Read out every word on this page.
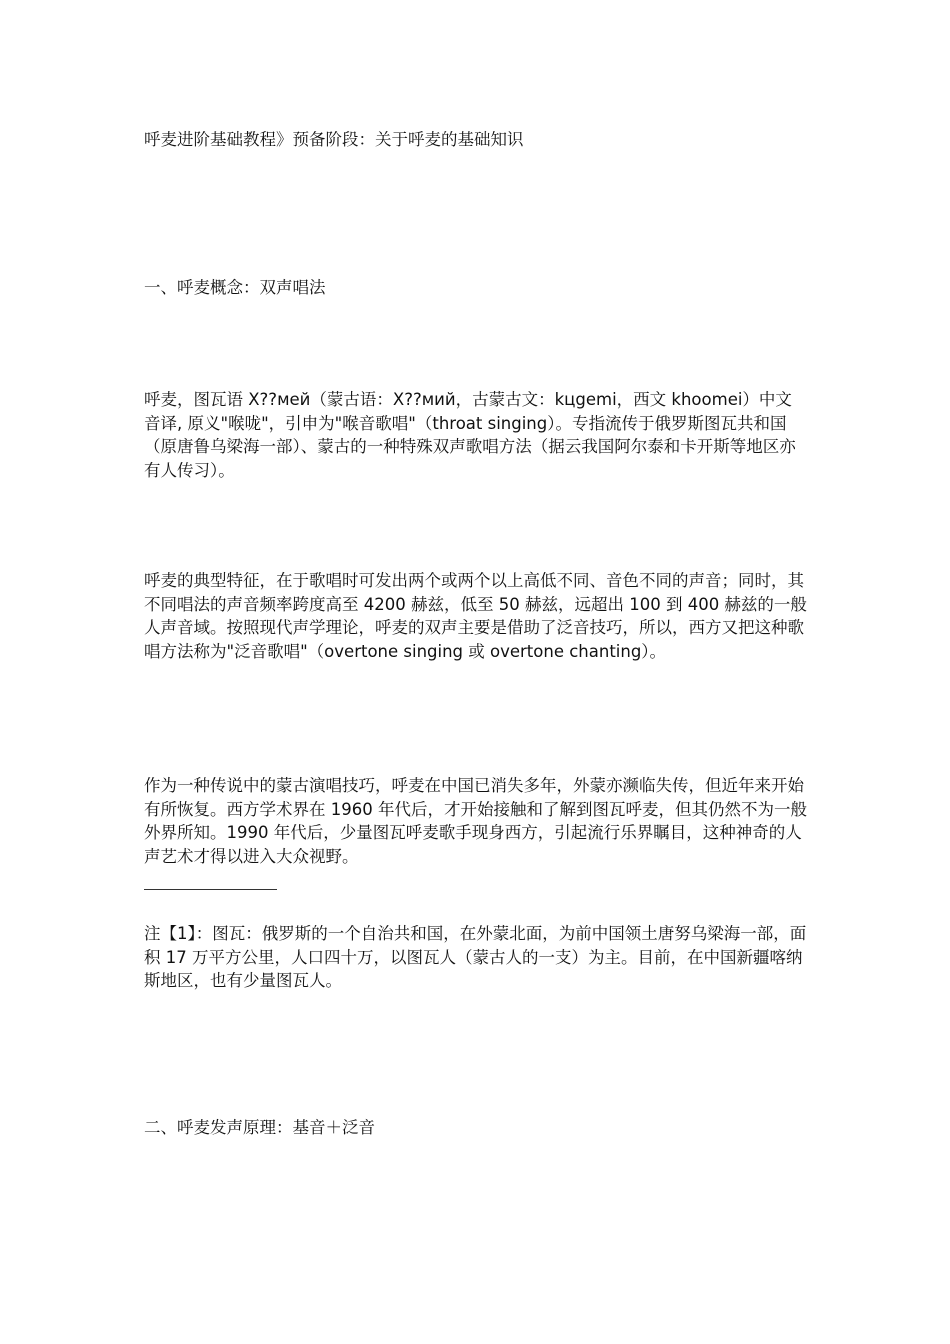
呼麦进阶基础教程》预备阶段：关于呼麦的基础知识

一、呼麦概念：双声唱法

呼麦，图瓦语 Х??мей（蒙古语：Х??мий，古蒙古文：kцgemi，西文 khoomei）中文音译, 原义"喉咙"，引申为"喉音歌唱"（throat singing）。专指流传于俄罗斯图瓦共和国（原唐鲁乌梁海一部）、蒙古的一种特殊双声歌唱方法（据云我国阿尔泰和卡开斯等地区亦有人传习）。

呼麦的典型特征，在于歌唱时可发出两个或两个以上高低不同、音色不同的声音；同时，其不同唱法的声音频率跨度高至 4200 赫兹，低至 50 赫兹，远超出 100 到 400 赫兹的一般人声音域。按照现代声学理论，呼麦的双声主要是借助了泛音技巧，所以，西方又把这种歌唱方法称为"泛音歌唱"（overtone singing 或 overtone chanting）。

作为一种传说中的蒙古演唱技巧，呼麦在中国已消失多年，外蒙亦濒临失传，但近年来开始有所恢复。西方学术界在 1960 年代后，才开始接触和了解到图瓦呼麦，但其仍然不为一般外界所知。1990 年代后，少量图瓦呼麦歌手现身西方，引起流行乐界瞩目，这种神奇的人声艺术才得以进入大众视野。

注【1】：图瓦：俄罗斯的一个自治共和国，在外蒙北面，为前中国领土唐努乌梁海一部，面积 17 万平方公里，人口四十万，以图瓦人（蒙古人的一支）为主。目前，在中国新疆喀纳斯地区，也有少量图瓦人。

二、呼麦发声原理：基音＋泛音
